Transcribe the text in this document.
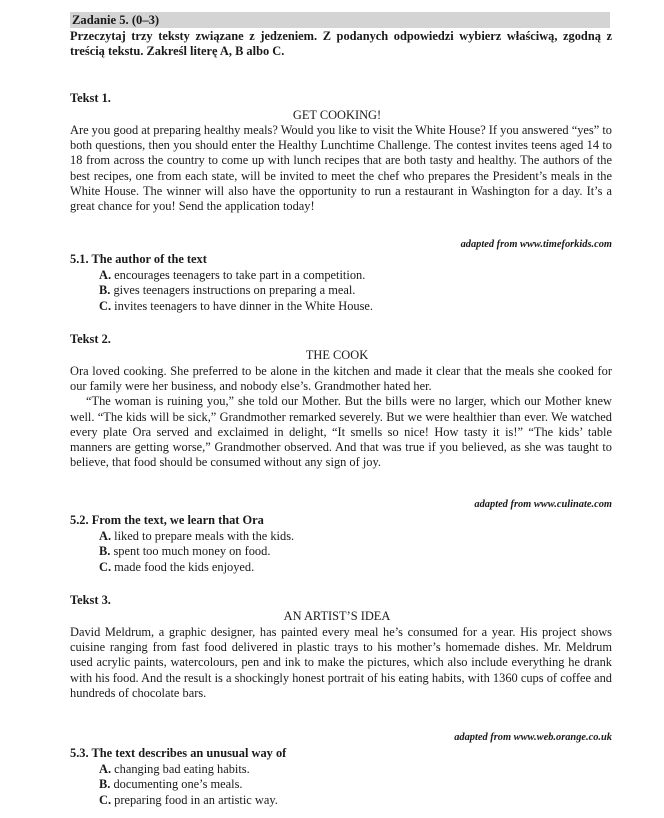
Zadanie 5. (0–3)
Przeczytaj trzy teksty związane z jedzeniem. Z podanych odpowiedzi wybierz właściwą, zgodną z treścią tekstu. Zakreśl literę A, B albo C.
Tekst 1.
GET COOKING!

Are you good at preparing healthy meals? Would you like to visit the White House? If you answered “yes” to both questions, then you should enter the Healthy Lunchtime Challenge. The contest invites teens aged 14 to 18 from across the country to come up with lunch recipes that are both tasty and healthy. The authors of the best recipes, one from each state, will be invited to meet the chef who prepares the President’s meals in the White House. The winner will also have the opportunity to run a restaurant in Washington for a day. It’s a great chance for you! Send the application today!

adapted from www.timeforkids.com
5.1. The author of the text
A. encourages teenagers to take part in a competition.
B. gives teenagers instructions on preparing a meal.
C. invites teenagers to have dinner in the White House.
Tekst 2.
THE COOK

Ora loved cooking. She preferred to be alone in the kitchen and made it clear that the meals she cooked for our family were her business, and nobody else’s. Grandmother hated her.

“The woman is ruining you,” she told our Mother. But the bills were no larger, which our Mother knew well. “The kids will be sick,” Grandmother remarked severely. But we were healthier than ever. We watched every plate Ora served and exclaimed in delight, “It smells so nice! How tasty it is!” “The kids’ table manners are getting worse,” Grandmother observed. And that was true if you believed, as she was taught to believe, that food should be consumed without any sign of joy.

adapted from www.culinate.com
5.2. From the text, we learn that Ora
A. liked to prepare meals with the kids.
B. spent too much money on food.
C. made food the kids enjoyed.
Tekst 3.
AN ARTIST’S IDEA

David Meldrum, a graphic designer, has painted every meal he’s consumed for a year. His project shows cuisine ranging from fast food delivered in plastic trays to his mother’s homemade dishes. Mr. Meldrum used acrylic paints, watercolours, pen and ink to make the pictures, which also include everything he drank with his food. And the result is a shockingly honest portrait of his eating habits, with 1360 cups of coffee and hundreds of chocolate bars.

adapted from www.web.orange.co.uk
5.3. The text describes an unusual way of
A. changing bad eating habits.
B. documenting one’s meals.
C. preparing food in an artistic way.
